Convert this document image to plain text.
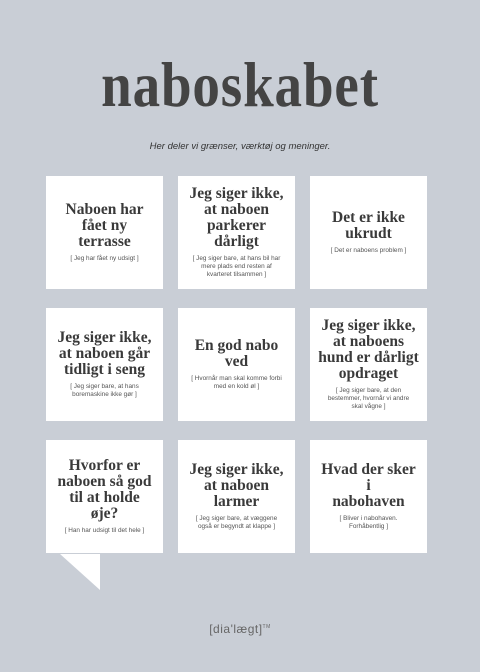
naboskabet
Her deler vi grænser, værktøj og meninger.
Naboen har
fået ny terrasse
[ Jeg har fået ny udsigt ]
Jeg siger ikke,
at naboen
parkerer dårligt
[ Jeg siger bare, at hans bil har
mere plads end resten af
kvarteret tilsammen ]
Det er ikke
ukrudt
[ Det er naboens problem ]
Jeg siger ikke,
at naboen går
tidligt i seng
[ Jeg siger bare, at hans
boremaskine ikke gør ]
En god nabo
ved
[ Hvornår man skal komme forbi
med en kold øl ]
Jeg siger ikke,
at naboens
hund er dårligt
opdraget
[ Jeg siger bare, at den
bestemmer, hvornår vi andre
skal vågne ]
Hvorfor er
naboen så god
til at holde
øje?
[ Han har udsigt til det hele ]
Jeg siger ikke,
at naboen
larmer
[ Jeg siger bare, at væggene
også er begyndt at klappe ]
Hvad der sker i
nabohaven
[ Bliver i nabohaven.
Forhåbentlig ]
[dia'lægt]™
